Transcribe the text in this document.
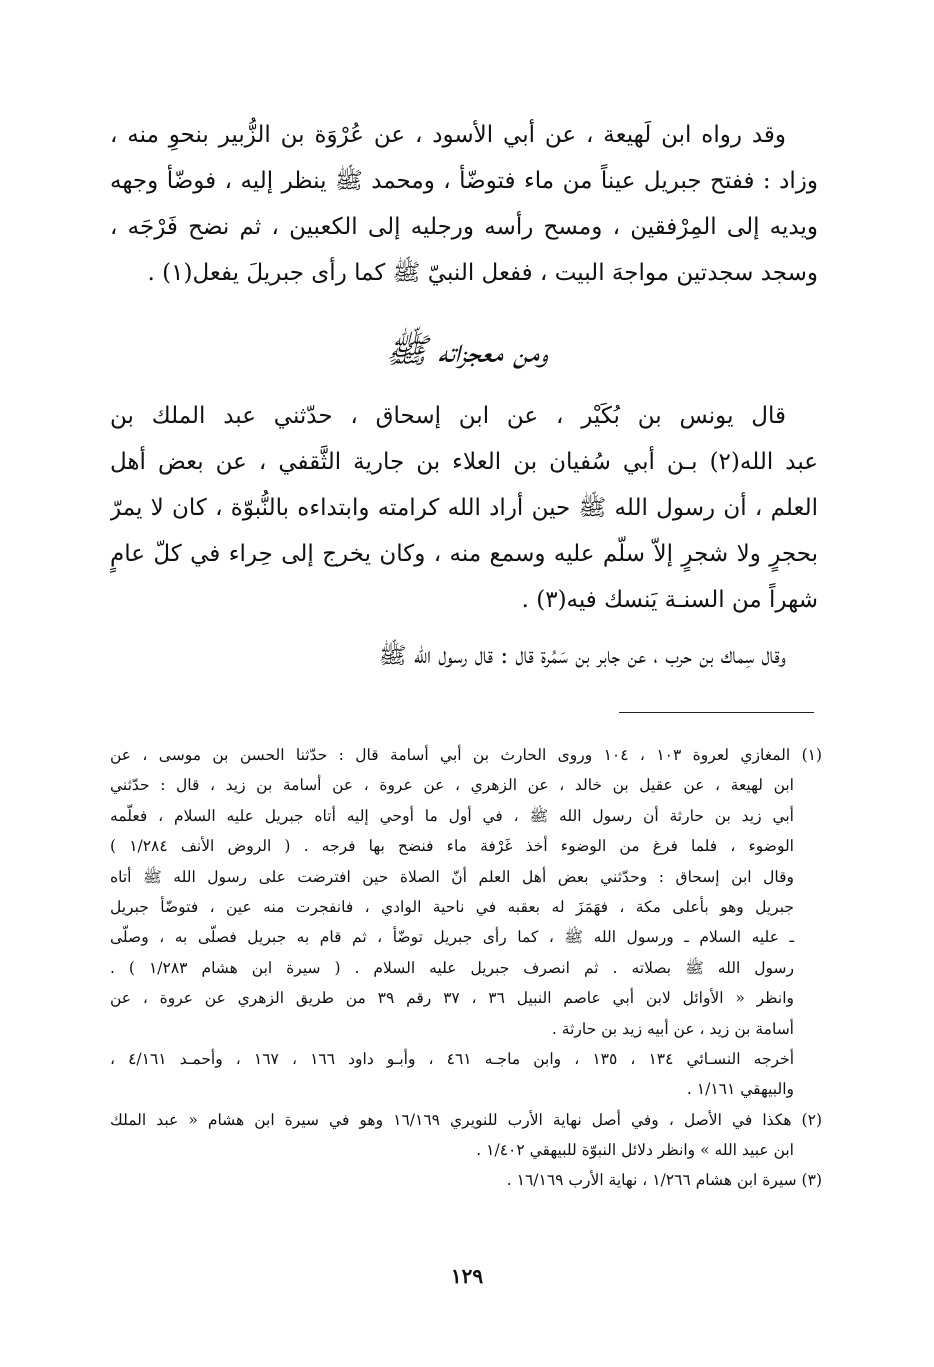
وقد رواه ابن لَهيعة ، عن أبي الأسود ، عن عُرْوَة بن الزُّبير بنحوِ منه ،
وزاد : ففتح جبريل عيناً من ماء فتوضّأ ، ومحمد ﷺ ينظر إليه ، فوضّأ وجهه
ويديه إلى المِرْفقين ، ومسح رأسه ورجليه إلى الكعبين ، ثم نضح فَرْجَه ،
وسجد سجدتين مواجهَ البيت ، ففعل النبيّ ﷺ كما رأى جبريلَ يفعل(١) .
ومن معجزاته ﷺ
قال يونس بن بُكَيْر ، عن ابن إسحاق ، حدّثني عبد الملك بن
عبد الله(٢) بـن أبي سُفيان بن العلاء بن جارية الثَّقفي ، عن بعض أهل
العلم ، أن رسول الله ﷺ حين أراد الله كرامته وابتداءه بالنُّبوّة ، كان لا يمرّ
بحجرٍ ولا شجرٍ إلاّ سلّم عليه وسمع منه ، وكان يخرج إلى حِراء في كلّ عامٍ
شهراً من السنـة يَنسك فيه(٣) .
وقال سِماك بن حرب ، عن جابر بن سَمُرة قال : قال رسول الله ﷺ
(١) المغازي لعروة ١٠٣ ، ١٠٤ وروى الحارث بن أبي أسامة قال : حدّثنا الحسن بن موسى ، عن
ابن لهيعة ، عن عقيل بن خالد ، عن الزهري ، عن عروة ، عن أسامة بن زيد ، قال : حدّثني
أبي زيد بن حارثة أن رسول الله ﷺ ، في أول ما أوحي إليه أتاه جبريل عليه السلام ، فعلّمه
الوضوء ، فلما فرغ من الوضوء أخذ غَرْفة ماء فنضح بها فرجه . ( الروض الأنف ١/٢٨٤ )
وقال ابن إسحاق : وحدّثني بعض أهل العلم أنّ الصلاة حين افترضت على رسول الله ﷺ أتاه
جبريل وهو بأعلى مكة ، فهَمَزَ له بعقبه في ناحية الوادي ، فانفجرت منه عين ، فتوضّأ جبريل
ـ عليه السلام ـ ورسول الله ﷺ ، كما رأى جبريل توضّأ ، ثم قام به جبريل فصلّى به ، وصلّى
رسول الله ﷺ بصلاته . ثم انصرف جبريل عليه السلام . ( سيرة ابن هشام ١/٢٨٣ ) .
وانظر « الأوائل لابن أبي عاصم النبيل ٣٦ ، ٣٧ رقم ٣٩ من طريق الزهري عن عروة ، عن
أسامة بن زيد ، عن أبيه زيد بن حارثة .
أخرجه النسـائي ١٣٤ ، ١٣٥ ، وابن ماجـه ٤٦١ ، وأبـو داود ١٦٦ ، ١٦٧ ، وأحمـد ٤/١٦١ ،
والبيهقي ١/١٦١ .
(٢) هكذا في الأصل ، وفي أصل نهاية الأرب للنويري ١٦/١٦٩ وهو في سيرة ابن هشام « عبد الملك
ابن عبيد الله » وانظر دلائل النبوّة للبيهقي ١/٤٠٢ .
(٣) سيرة ابن هشام ١/٢٦٦ ، نهاية الأرب ١٦/١٦٩ .
١٢٩
